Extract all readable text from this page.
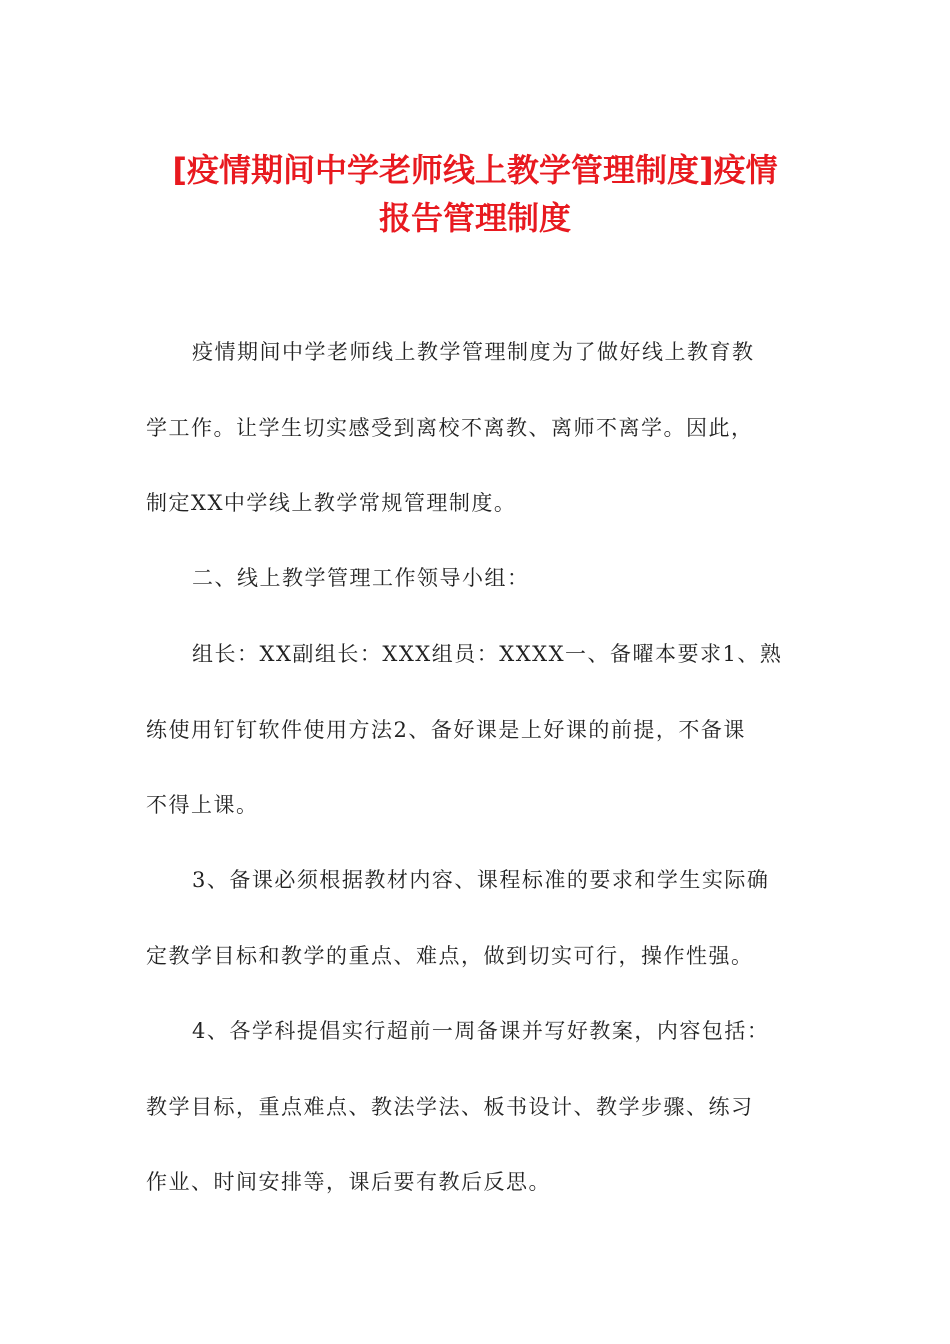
[疫情期间中学老师线上教学管理制度]疫情
报告管理制度
疫情期间中学老师线上教学管理制度为了做好线上教育教
学工作。让学生切实感受到离校不离教、离师不离学。因此，
制定XX中学线上教学常规管理制度。
二、线上教学管理工作领导小组：
组长：XX副组长：XXX组员：XXXX一、备曜本要求1、熟
练使用钉钉软件使用方法2、备好课是上好课的前提，不备课
不得上课。
3、备课必须根据教材内容、课程标准的要求和学生实际确
定教学目标和教学的重点、难点，做到切实可行，操作性强。
4、各学科提倡实行超前一周备课并写好教案，内容包括：
教学目标，重点难点、教法学法、板书设计、教学步骤、练习
作业、时间安排等，课后要有教后反思。
